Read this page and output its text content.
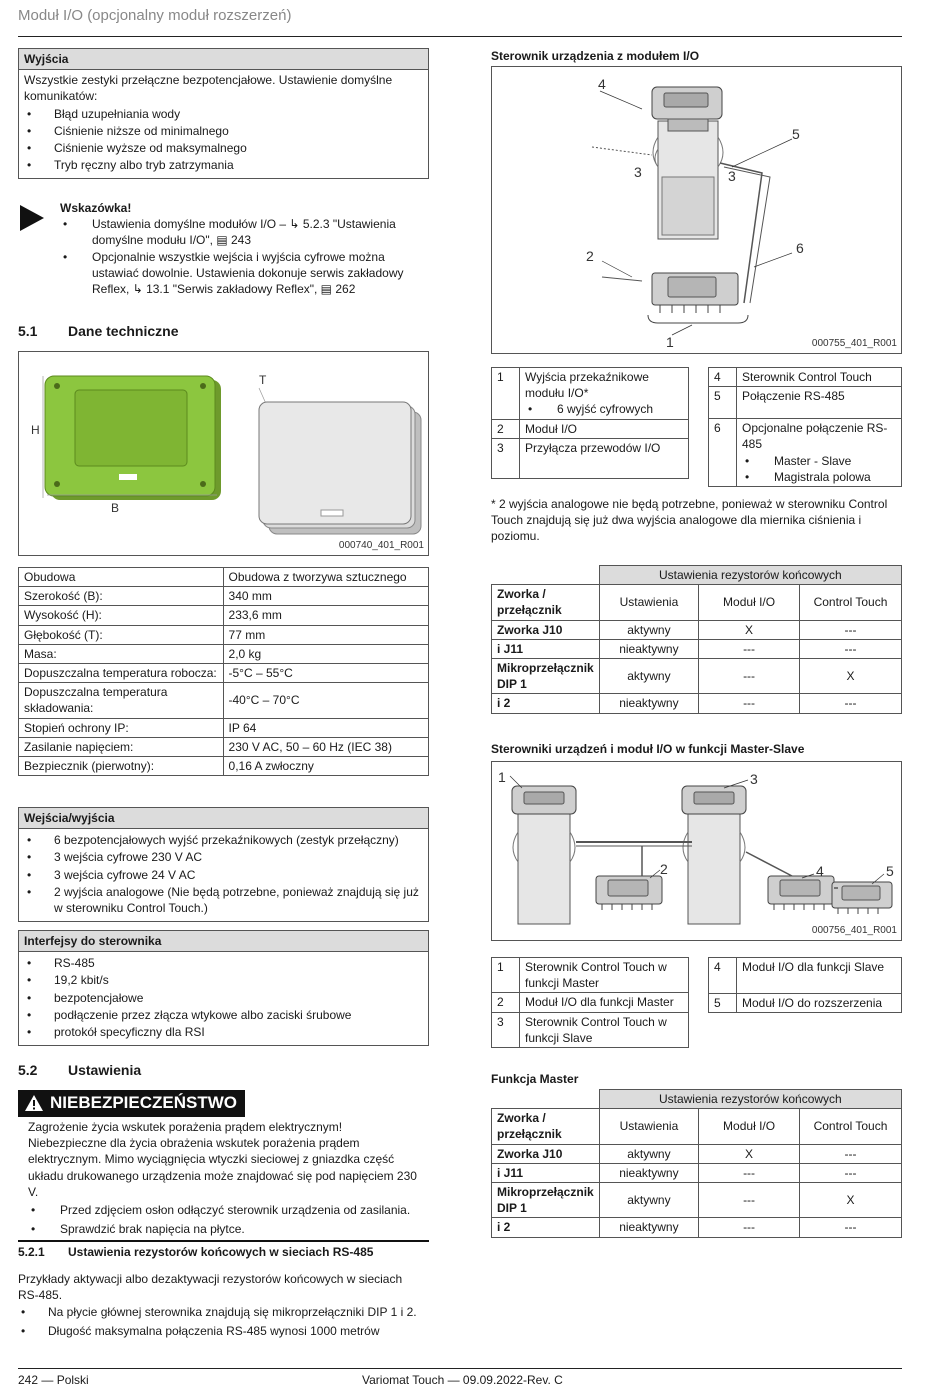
Moduł I/O (opcjonalny moduł rozszerzeń)
Wyjścia
Wszystkie zestyki przełączne bezpotencjałowe. Ustawienie domyślne komunikatów:
• Błąd uzupełniania wody
• Ciśnienie niższe od minimalnego
• Ciśnienie wyższe od maksymalnego
• Tryb ręczny albo tryb zatrzymania
Wskazówka!
• Ustawienia domyślne modułów I/O – ↳ 5.2.3 "Ustawienia domyślne modułu I/O", ▤ 243
• Opcjonalnie wszystkie wejścia i wyjścia cyfrowe można ustawiać dowolnie. Ustawienia dokonuje serwis zakładowy Reflex, ↳ 13.1 "Serwis zakładowy Reflex", ▤ 262
5.1 Dane techniczne
H
B
T
000740_401_R001
Obudowa	Obudowa z tworzywa sztucznego
Szerokość (B):	340 mm
Wysokość (H):	233,6 mm
Głębokość (T):	77 mm
Masa:	2,0 kg
Dopuszczalna temperatura robocza:	-5°C – 55°C
Dopuszczalna temperatura składowania:	-40°C – 70°C
Stopień ochrony IP:	IP 64
Zasilanie napięciem:	230 V AC, 50 – 60 Hz (IEC 38)
Bezpiecznik (pierwotny):	0,16 A zwłoczny
Wejścia/wyjścia
• 6 bezpotencjałowych wyjść przekaźnikowych (zestyk przełączny)
• 3 wejścia cyfrowe 230 V AC
• 3 wejścia cyfrowe 24 V AC
• 2 wyjścia analogowe (Nie będą potrzebne, ponieważ znajdują się już w sterowniku Control Touch.)
Interfejsy do sterownika
• RS-485
• 19,2 kbit/s
• bezpotencjałowe
• podłączenie przez złącza wtykowe albo zaciski śrubowe
• protokół specyficzny dla RSI
5.2 Ustawienia
NIEBEZPIECZEŃSTWO
Zagrożenie życia wskutek porażenia prądem elektrycznym!
Niebezpieczne dla życia obrażenia wskutek porażenia prądem elektrycznym. Mimo wyciągnięcia wtyczki sieciowej z gniazdka część układu drukowanego urządzenia może znajdować się pod napięciem 230 V.
• Przed zdjęciem osłon odłączyć sterownik urządzenia od zasilania.
• Sprawdzić brak napięcia na płytce.
5.2.1 Ustawienia rezystorów końcowych w sieciach RS-485
Przykłady aktywacji albo dezaktywacji rezystorów końcowych w sieciach RS-485.
• Na płycie głównej sterownika znajdują się mikroprzełączniki DIP 1 i 2.
• Długość maksymalna połączenia RS-485 wynosi 1000 metrów
Sterownik urządzenia z modułem I/O
4
5
3	3
6
2
1	000755_401_R001
1	Wyjścia przekaźnikowe modułu I/O*
• 6 wyjść cyfrowych

2	Moduł I/O
3	Przyłącza przewodów I/O
4	Sterownik Control Touch
5	Połączenie RS-485
6	Opcjonalne połączenie RS-485
• Master - Slave
• Magistrala polowa
* 2 wyjścia analogowe nie będą potrzebne, ponieważ w sterowniku Control Touch znajdują się już dwa wyjścia analogowe dla miernika ciśnienia i poziomu.
	Ustawienia rezystorów końcowych		
Zworka / przełącznik	Ustawienia	Moduł I/O	Control Touch
Zworka J10	aktywny	X	---
i J11	nieaktywny	---	---
Mikroprzełącznik DIP 1	aktywny	---	X
i 2	nieaktywny	---	---
Sterowniki urządzeń i moduł I/O w funkcji Master-Slave
1	3
2	4	5
000756_401_R001
1	Sterownik Control Touch w funkcji Master
2	Moduł I/O dla funkcji Master
3	Sterownik Control Touch w funkcji Slave
4	Moduł I/O dla funkcji Slave
5	Moduł I/O do rozszerzenia
Funkcja Master
	Ustawienia rezystorów końcowych		
Zworka / przełącznik	Ustawienia	Moduł I/O	Control Touch
Zworka J10	aktywny	X	---
i J11	nieaktywny	---	---
Mikroprzełącznik DIP 1	aktywny	---	X
i 2	nieaktywny	---	---
242 — Polski	Variomat Touch — 09.09.2022-Rev. C
